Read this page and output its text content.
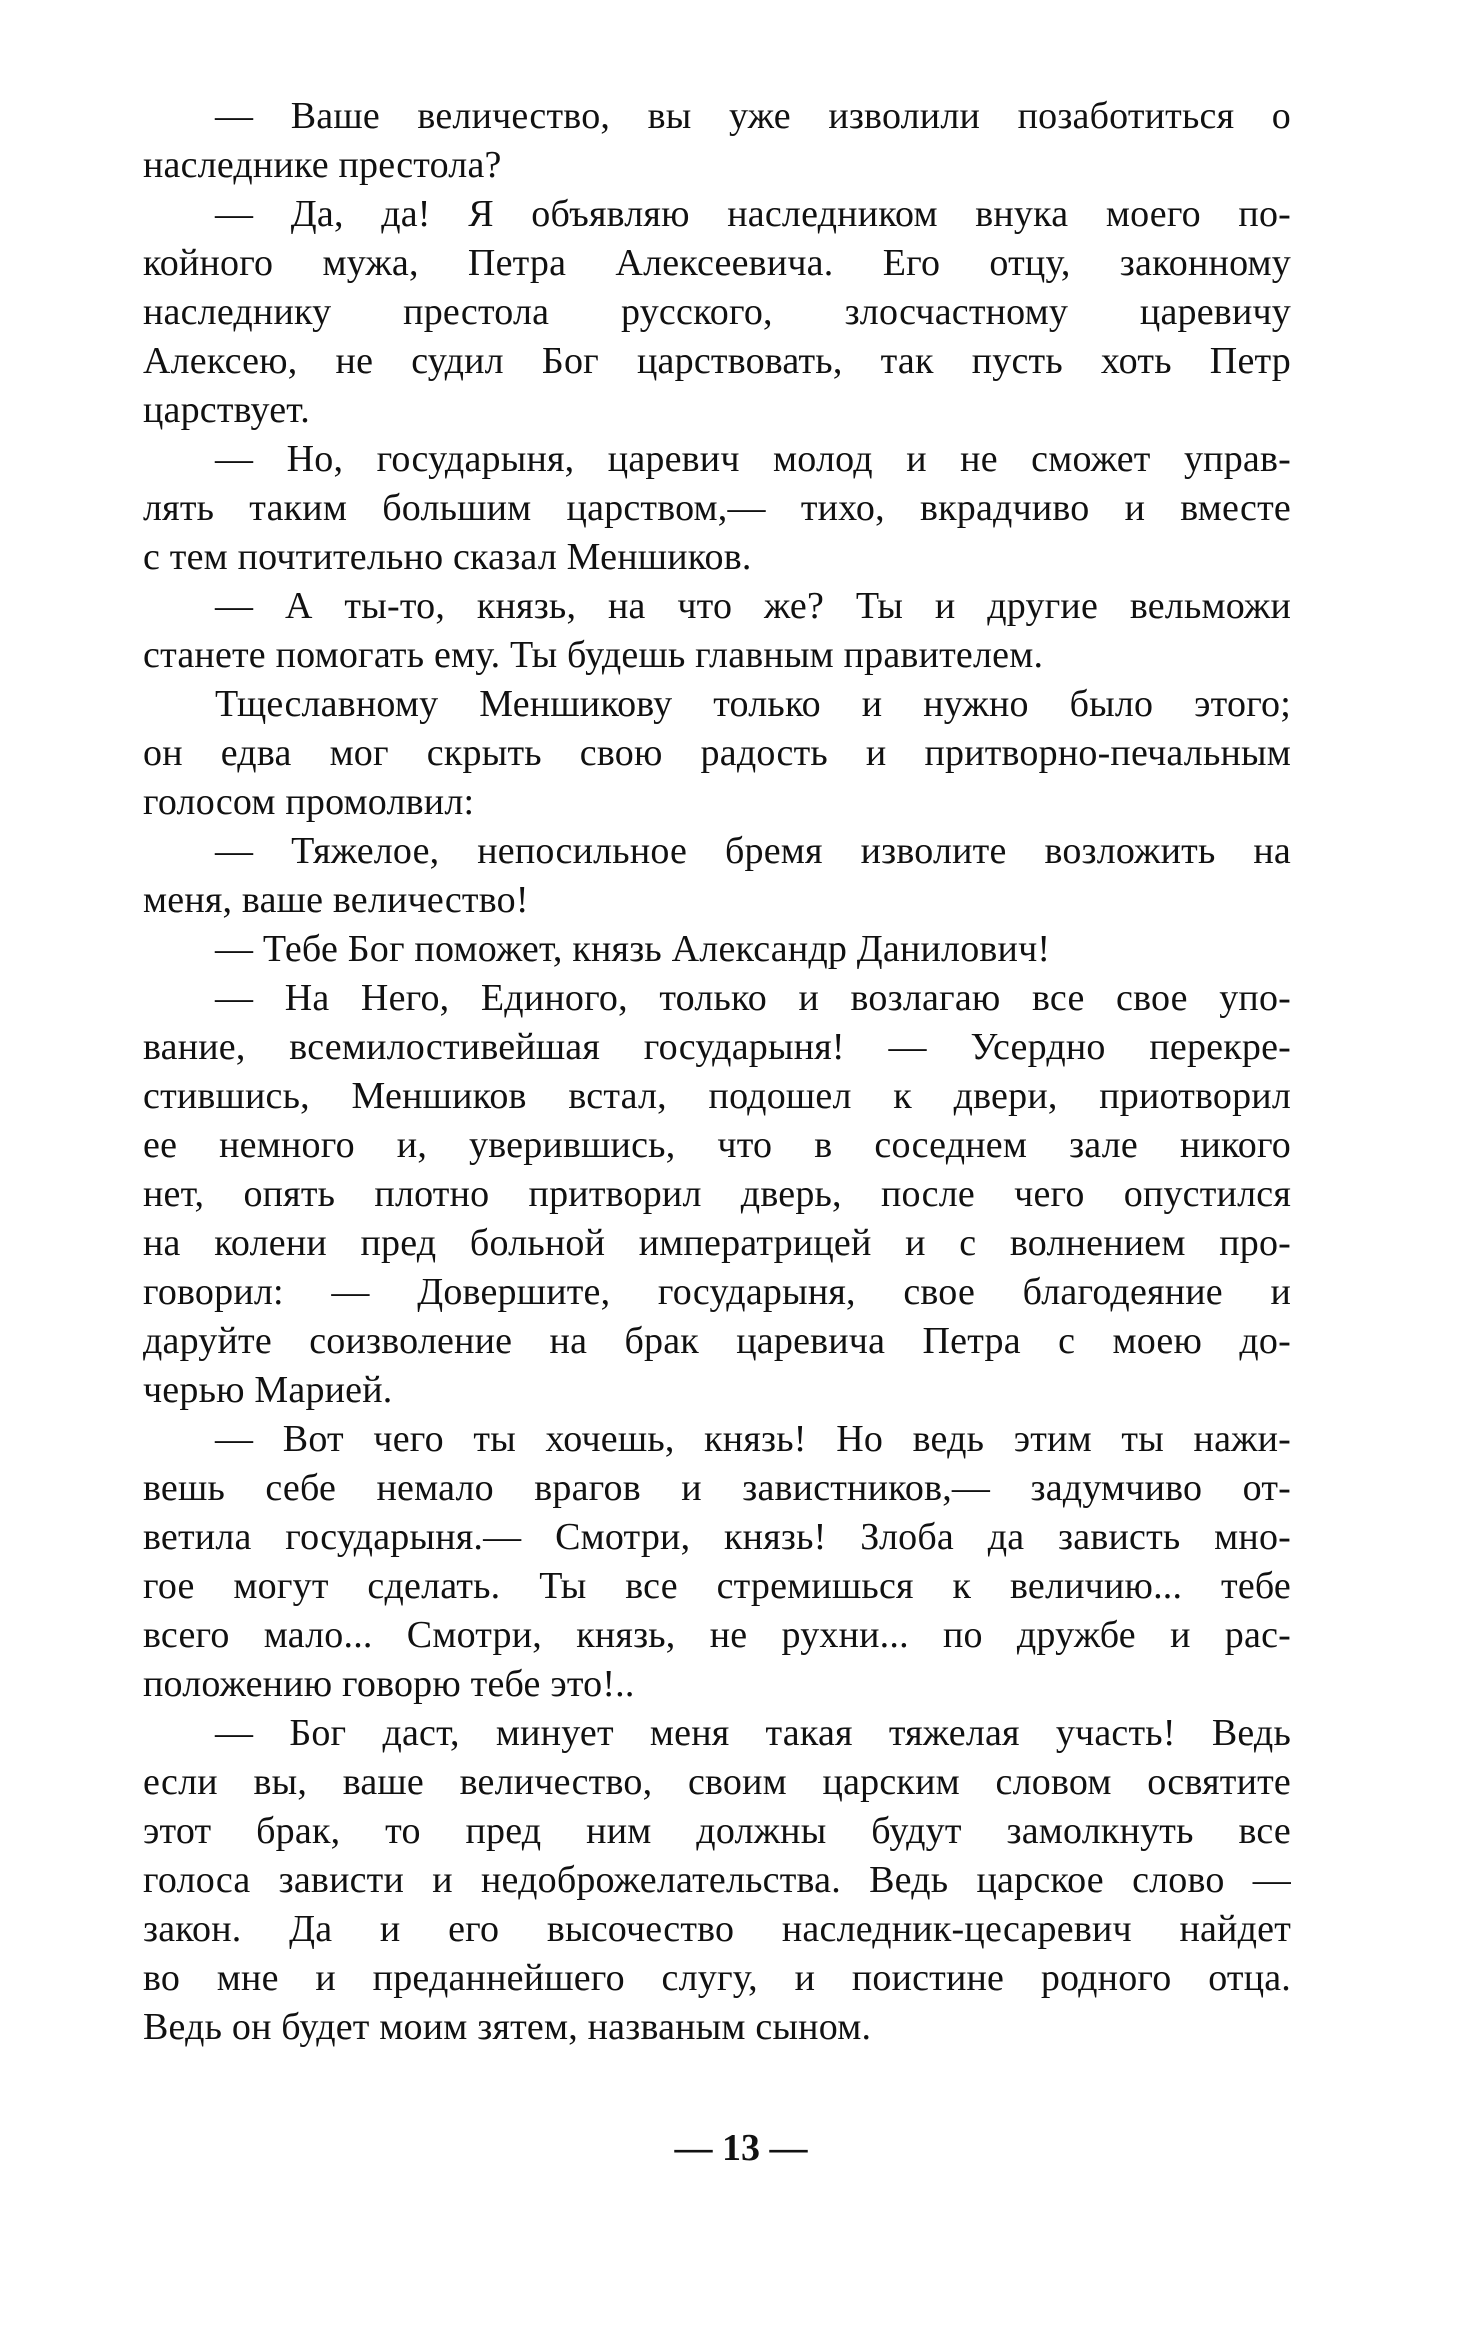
— Ваше величество, вы уже изволили позаботиться о
наследнике престола?
— Да, да! Я объявляю наследником внука моего по-
койного мужа, Петра Алексеевича. Его отцу, законному
наследнику престола русского, злосчастному царевичу
Алексею, не судил Бог царствовать, так пусть хоть Петр
царствует.
— Но, государыня, царевич молод и не сможет управ-
лять таким большим царством,— тихо, вкрадчиво и вместе
с тем почтительно сказал Меншиков.
— А ты-то, князь, на что же? Ты и другие вельможи
станете помогать ему. Ты будешь главным правителем.
Тщеславному Меншикову только и нужно было этого;
он едва мог скрыть свою радость и притворно-печальным
голосом промолвил:
— Тяжелое, непосильное бремя изволите возложить на
меня, ваше величество!
— Тебе Бог поможет, князь Александр Данилович!
— На Него, Единого, только и возлагаю все свое упо-
вание, всемилостивейшая государыня! — Усердно перекре-
стившись, Меншиков встал, подошел к двери, приотворил
ее немного и, уверившись, что в соседнем зале никого
нет, опять плотно притворил дверь, после чего опустился
на колени пред больной императрицей и с волнением про-
говорил: — Довершите, государыня, свое благодеяние и
даруйте соизволение на брак царевича Петра с моею до-
черью Марией.
— Вот чего ты хочешь, князь! Но ведь этим ты нажи-
вешь себе немало врагов и завистников,— задумчиво от-
ветила государыня.— Смотри, князь! Злоба да зависть мно-
гое могут сделать. Ты все стремишься к величию... тебе
всего мало... Смотри, князь, не рухни... по дружбе и рас-
положению говорю тебе это!..
— Бог даст, минует меня такая тяжелая участь! Ведь
если вы, ваше величество, своим царским словом освятите
этот брак, то пред ним должны будут замолкнуть все
голоса зависти и недоброжелательства. Ведь царское слово —
закон. Да и его высочество наследник-цесаревич найдет
во мне и преданнейшего слугу, и поистине родного отца.
Ведь он будет моим зятем, названым сыном.
— 13 —
